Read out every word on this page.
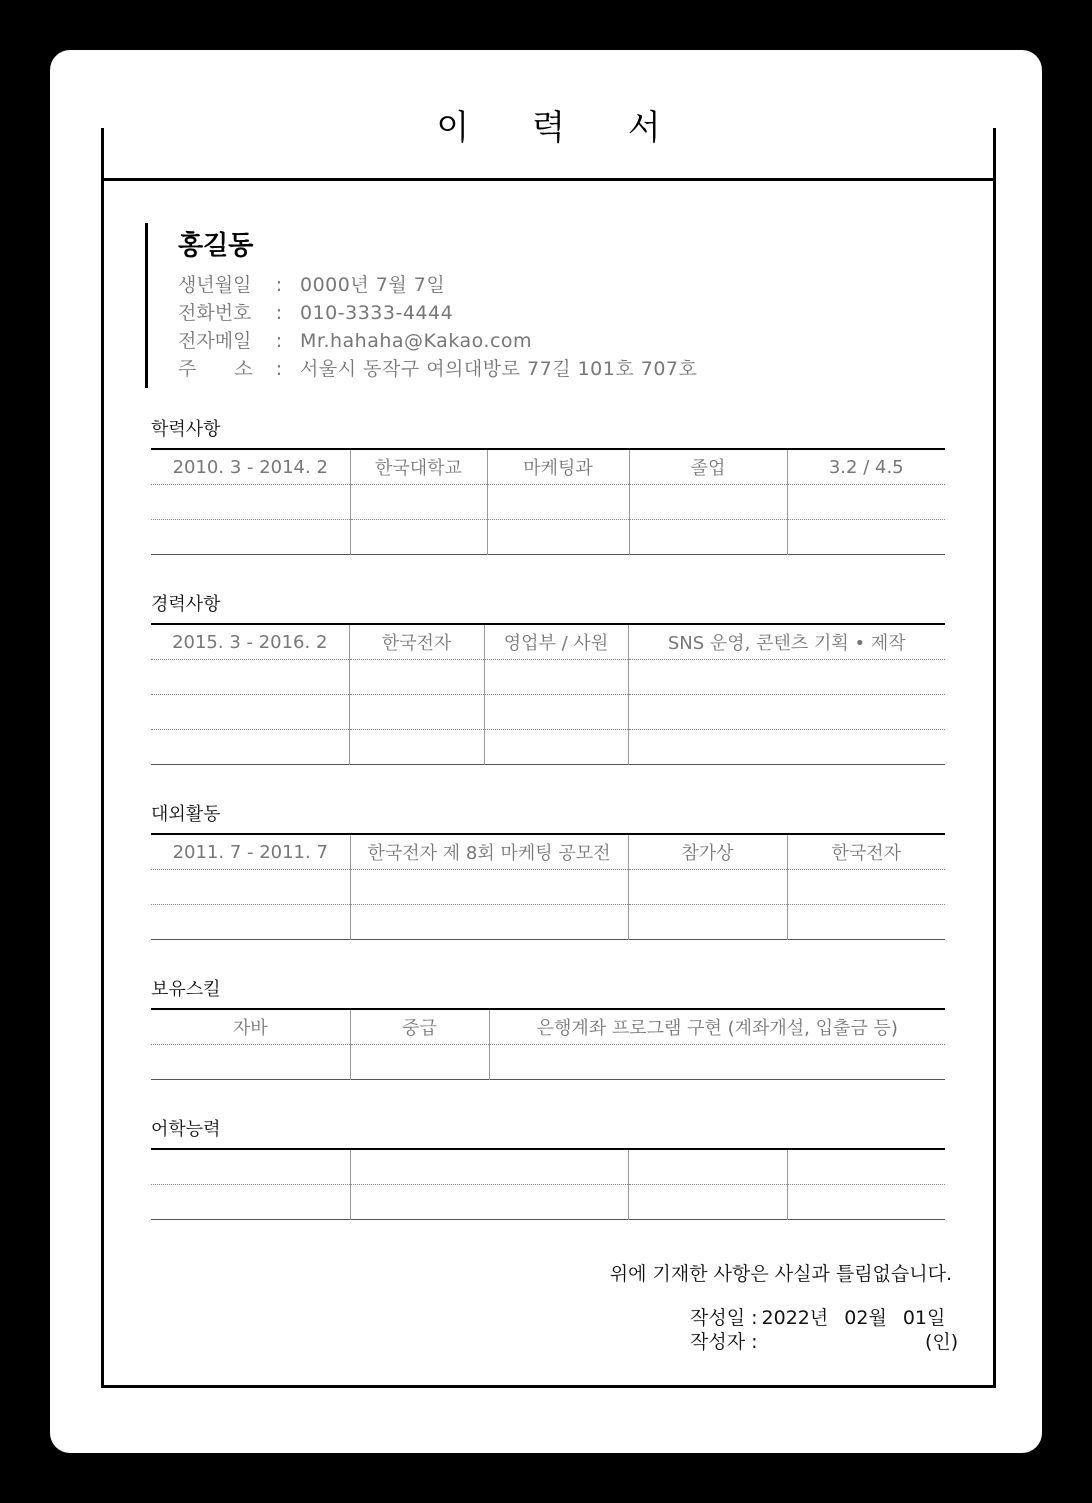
이 력 서
홍길동
생년월일	: 0000년 7월 7일
전화번호	: 010-3333-4444
전자메일	: Mr.hahaha@Kakao.com
주　　소	: 서울시 동작구 여의대방로 77길 101호 707호
학력사항
2010. 3 - 2014. 2	한국대학교	마케팅과	졸업	3.2 / 4.5

경력사항
2015. 3 - 2016. 2	한국전자	영업부 / 사원	SNS 운영, 콘텐츠 기획 • 제작

대외활동
2011. 7 - 2011. 7	한국전자 제 8회 마케팅 공모전	참가상	한국전자

보유스킬
자바	중급	은행계좌 프로그램 구현 (계좌개설, 입출금 등)

어학능력

위에 기재한 사항은 사실과 틀림없습니다.
작성일 : 2022년 02월 01일
작성자 :	(인)
